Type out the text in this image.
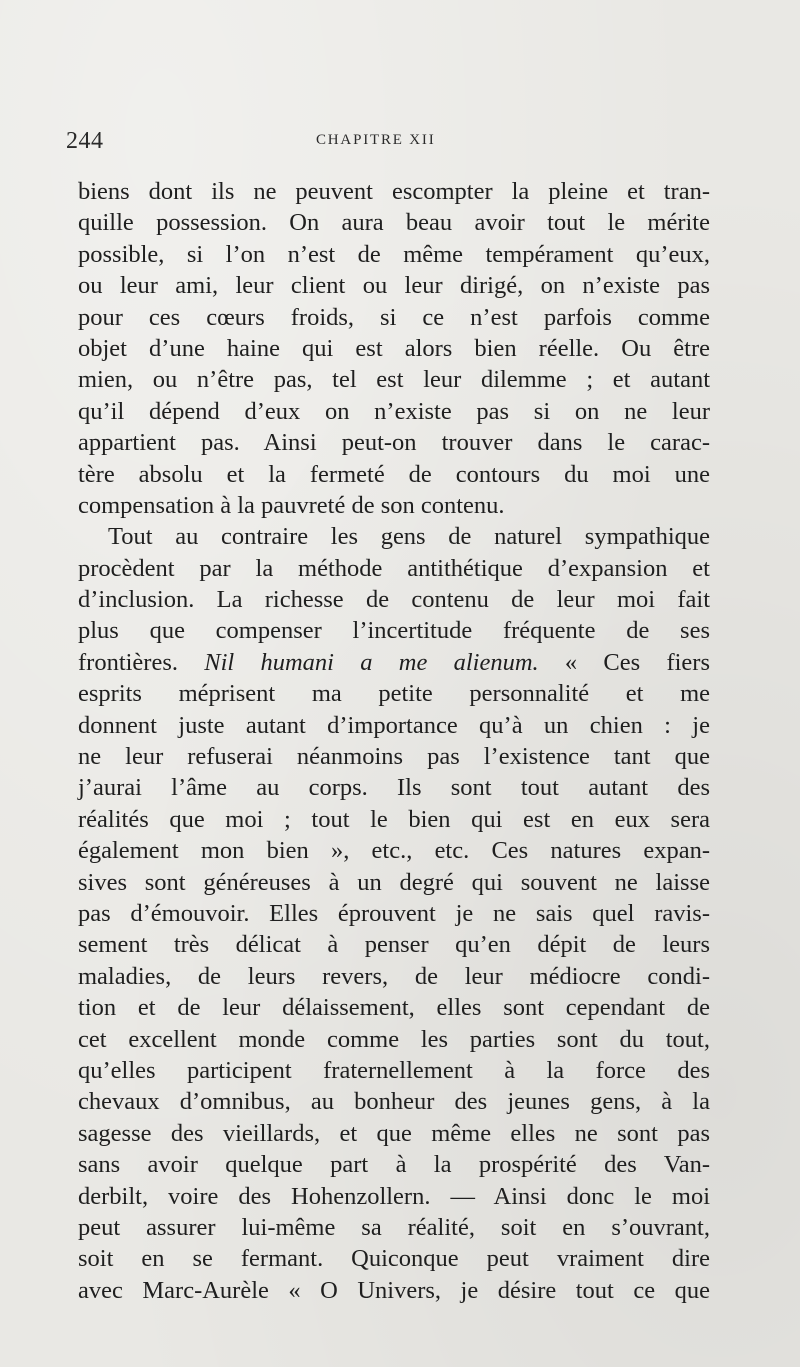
244	CHAPITRE XII
biens dont ils ne peuvent escompter la pleine et tran-
quille possession. On aura beau avoir tout le mérite
possible, si l’on n’est de même tempérament qu’eux,
ou leur ami, leur client ou leur dirigé, on n’existe pas
pour ces cœurs froids, si ce n’est parfois comme
objet d’une haine qui est alors bien réelle. Ou être
mien, ou n’être pas, tel est leur dilemme ; et autant
qu’il dépend d’eux on n’existe pas si on ne leur
appartient pas. Ainsi peut-on trouver dans le carac-
tère absolu et la fermeté de contours du moi une
compensation à la pauvreté de son contenu.
Tout au contraire les gens de naturel sympathique
procèdent par la méthode antithétique d’expansion et
d’inclusion. La richesse de contenu de leur moi fait
plus que compenser l’incertitude fréquente de ses
frontières. Nil humani a me alienum. « Ces fiers
esprits méprisent ma petite personnalité et me
donnent juste autant d’importance qu’à un chien : je
ne leur refuserai néanmoins pas l’existence tant que
j’aurai l’âme au corps. Ils sont tout autant des
réalités que moi ; tout le bien qui est en eux sera
également mon bien », etc., etc. Ces natures expan-
sives sont généreuses à un degré qui souvent ne laisse
pas d’émouvoir. Elles éprouvent je ne sais quel ravis-
sement très délicat à penser qu’en dépit de leurs
maladies, de leurs revers, de leur médiocre condi-
tion et de leur délaissement, elles sont cependant de
cet excellent monde comme les parties sont du tout,
qu’elles participent fraternellement à la force des
chevaux d’omnibus, au bonheur des jeunes gens, à la
sagesse des vieillards, et que même elles ne sont pas
sans avoir quelque part à la prospérité des Van-
derbilt, voire des Hohenzollern. — Ainsi donc le moi
peut assurer lui-même sa réalité, soit en s’ouvrant,
soit en se fermant. Quiconque peut vraiment dire
avec Marc-Aurèle « O Univers, je désire tout ce que
